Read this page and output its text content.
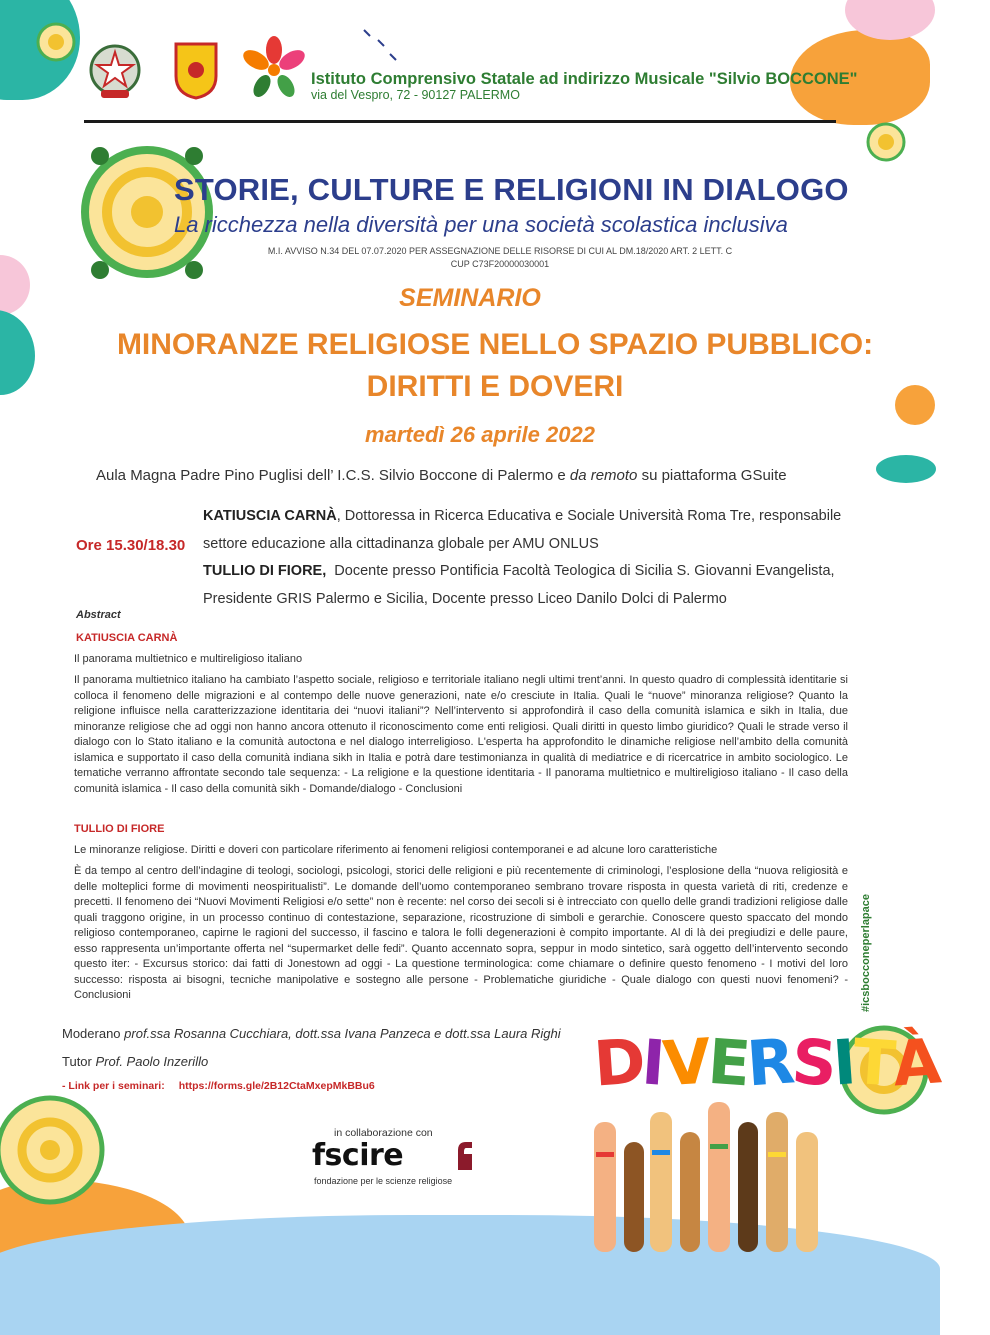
Istituto Comprensivo Statale ad indirizzo Musicale "Silvio BOCCONE"
via del Vespro, 72 - 90127 PALERMO
STORIE, CULTURE E RELIGIONI IN DIALOGO
La ricchezza nella diversità per una società scolastica inclusiva
M.I. AVVISO N.34 DEL 07.07.2020 PER ASSEGNAZIONE DELLE RISORSE DI CUI AL DM.18/2020 ART. 2 LETT. C
CUP C73F20000030001
SEMINARIO
MINORANZE RELIGIOSE NELLO SPAZIO PUBBLICO:
DIRITTI E DOVERI
martedì 26 aprile 2022
Aula Magna Padre Pino Puglisi dell’ I.C.S. Silvio Boccone di Palermo e da remoto su piattaforma GSuite
Ore 15.30/18.30

KATIUSCIA CARNÀ, Dottoressa in Ricerca Educativa e Sociale Università Roma Tre, responsabile

settore educazione alla cittadinanza globale per AMU ONLUS

TULLIO DI FIORE,  Docente presso Pontificia Facoltà Teologica di Sicilia S. Giovanni Evangelista,

Presidente GRIS Palermo e Sicilia, Docente presso Liceo Danilo Dolci di Palermo

Abstract
KATIUSCIA CARNÀ
Il panorama multietnico e multireligioso italiano
Il panorama multietnico italiano ha cambiato l’aspetto sociale, religioso e territoriale italiano negli ultimi trent’anni. In questo quadro di complessità identitarie si colloca il fenomeno delle migrazioni e al contempo delle nuove generazioni, nate e/o cresciute in Italia. Quali le “nuove” minoranza religiose? Quanto la religione influisce nella caratterizzazione identitaria dei “nuovi italiani”? Nell’intervento si approfondirà il caso della comunità islamica e sikh in Italia, due minoranze religiose che ad oggi non hanno ancora ottenuto il riconoscimento come enti religiosi. Quali diritti in questo limbo giuridico? Quali le strade verso il dialogo con lo Stato italiano e la comunità autoctona e nel dialogo interreligioso. L'esperta ha approfondito le dinamiche religiose nell’ambito della comunità islamica e supportato il caso della comunità indiana sikh in Italia e potrà dare testimonianza in qualità di mediatrice e di ricercatrice in ambito sociologico. Le tematiche verranno affrontate secondo tale sequenza: - La religione e la questione identitaria - Il panorama multietnico e multireligioso italiano - Il caso della comunità islamica - Il caso della comunità sikh - Domande/dialogo - Conclusioni
TULLIO DI FIORE
Le minoranze religiose. Diritti e doveri con particolare riferimento ai fenomeni religiosi contemporanei e ad alcune loro caratteristiche
È da tempo al centro dell’indagine di teologi, sociologi, psicologi, storici delle religioni e più recentemente di criminologi, l’esplosione della “nuova religiosità e delle molteplici forme di movimenti neospiritualisti”. Le domande dell’uomo contemporaneo sembrano trovare risposta in questa varietà di riti, credenze e precetti. Il fenomeno dei “Nuovi Movimenti Religiosi e/o sette” non è recente: nel corso dei secoli si è intrecciato con quello delle grandi tradizioni religiose dalle quali traggono origine, in un processo continuo di contestazione, separazione, ricostruzione di simboli e gerarchie. Conoscere questo spaccato del mondo religioso contemporaneo, capirne le ragioni del successo, il fascino e talora le folli degenerazioni è compito importante. Al di là dei pregiudizi e delle paure, esso rappresenta un’importante offerta nel “supermarket delle fedi”. Quanto accennato sopra, seppur in modo sintetico, sarà oggetto dell’intervento secondo questo iter: - Excursus storico: dai fatti di Jonestown ad oggi - La questione terminologica: come chiamare o definire questo fenomeno - I motivi del loro successo: risposta ai bisogni, tecniche manipolative e sostegno alle persone - Problematiche giuridiche - Quale dialogo con questi nuovi fenomeni? - Conclusioni
Moderano prof.ssa Rosanna Cucchiara, dott.ssa Ivana Panzeca e dott.ssa Laura Righi
Tutor Prof. Paolo Inzerillo
- Link per i seminari: https://forms.gle/2B12CtaMxepMkBBu6
in collaborazione con
fscire
fondazione per le scienze religiose
#icsbocconeperlapace
DIVERSITÀ
